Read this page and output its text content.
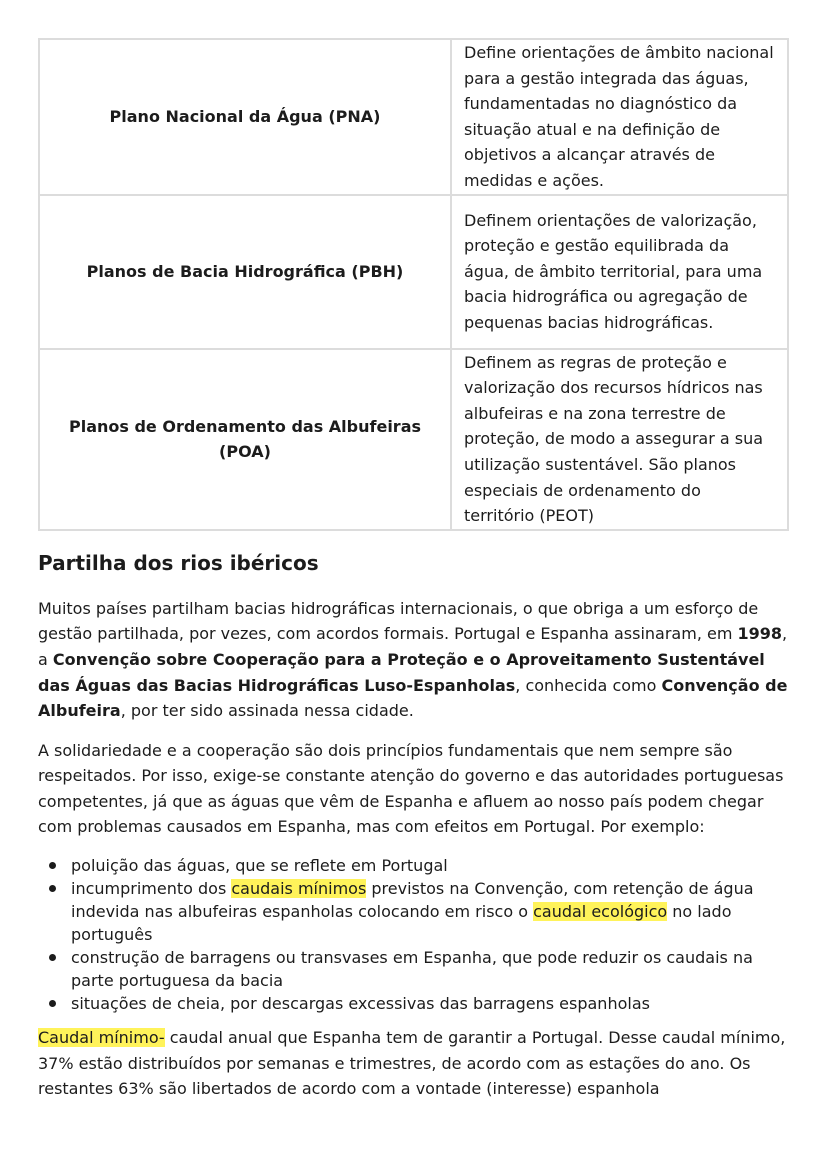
Plano Nacional da Água (PNA)	Define orientações de âmbito nacional para a gestão integrada das águas, fundamentadas no diagnóstico da situação atual e na definição de objetivos a alcançar através de medidas e ações.
Planos de Bacia Hidrográfica (PBH)	Definem orientações de valorização, proteção e gestão equilibrada da água, de âmbito territorial, para uma bacia hidrográfica ou agregação de pequenas bacias hidrográficas.
Planos de Ordenamento das Albufeiras (POA)	Definem as regras de proteção e valorização dos recursos hídricos nas albufeiras e na zona terrestre de proteção, de modo a assegurar a sua utilização sustentável. São planos especiais de ordenamento do território (PEOT)
Partilha dos rios ibéricos

Muitos países partilham bacias hidrográficas internacionais, o que obriga a um esforço de gestão partilhada, por vezes, com acordos formais. Portugal e Espanha assinaram, em 1998, a Convenção sobre Cooperação para a Proteção e o Aproveitamento Sustentável das Águas das Bacias Hidrográficas Luso-Espanholas, conhecida como Convenção de Albufeira, por ter sido assinada nessa cidade.

A solidariedade e a cooperação são dois princípios fundamentais que nem sempre são respeitados. Por isso, exige-se constante atenção do governo e das autoridades portuguesas competentes, já que as águas que vêm de Espanha e afluem ao nosso país podem chegar com problemas causados em Espanha, mas com efeitos em Portugal. Por exemplo:

poluição das águas, que se reflete em Portugal
incumprimento dos caudais mínimos previstos na Convenção, com retenção de água indevida nas albufeiras espanholas colocando em risco o caudal ecológico no lado português
construção de barragens ou transvases em Espanha, que pode reduzir os caudais na parte portuguesa da bacia
situações de cheia, por descargas excessivas das barragens espanholas

Caudal mínimo- caudal anual que Espanha tem de garantir a Portugal. Desse caudal mínimo, 37% estão distribuídos por semanas e trimestres, de acordo com as estações do ano. Os restantes 63% são libertados de acordo com a vontade (interesse) espanhola
